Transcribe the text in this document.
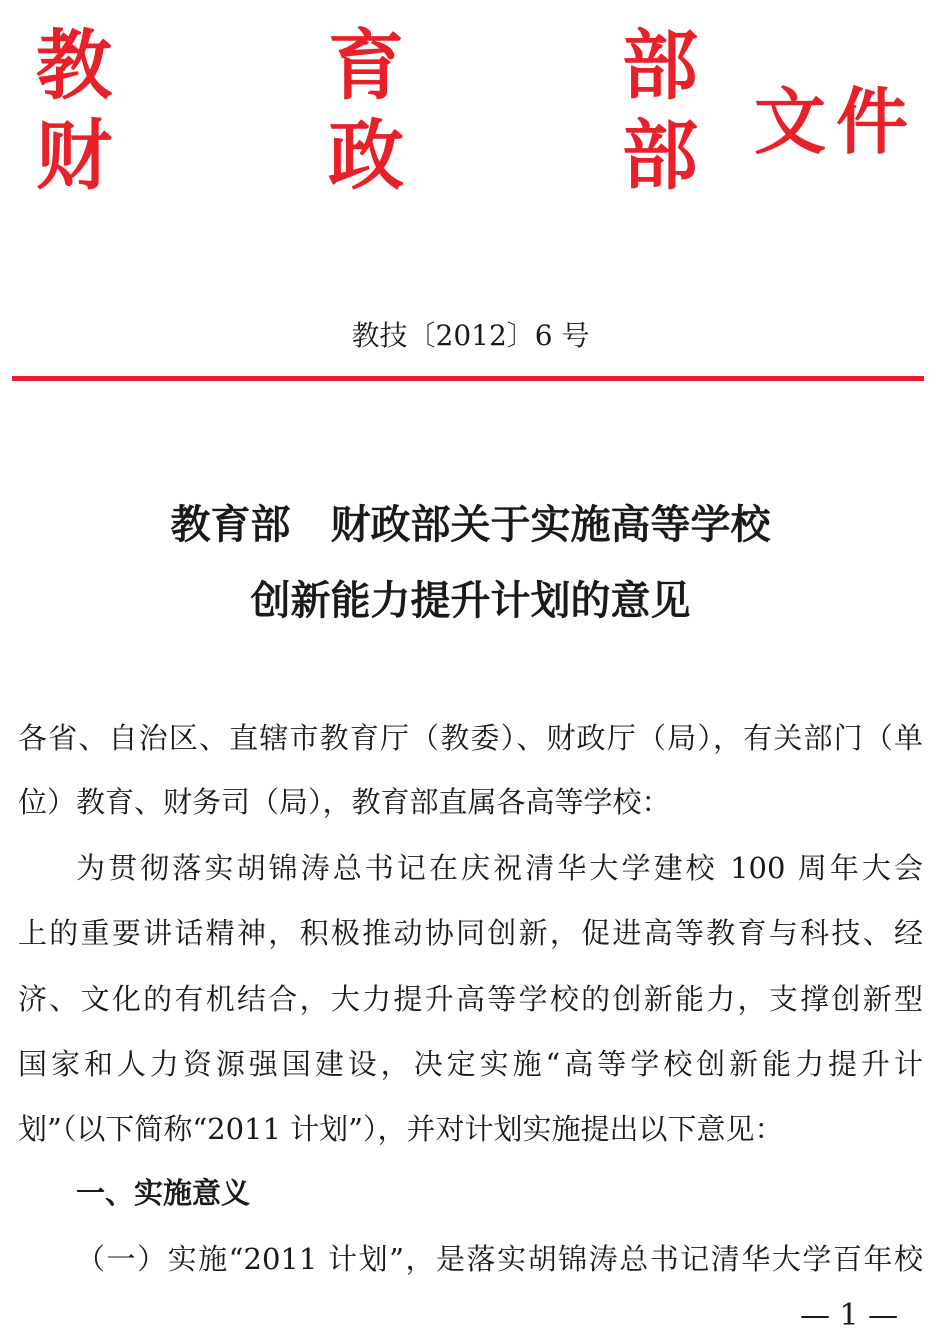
教	育	部
财	政	部 文件
教技〔2012〕6 号
教育部　财政部关于实施高等学校
创新能力提升计划的意见
各省、自治区、直辖市教育厅（教委）、财政厅（局），有关部门（单
位）教育、财务司（局），教育部直属各高等学校：
为贯彻落实胡锦涛总书记在庆祝清华大学建校 100 周年大会
上的重要讲话精神，积极推动协同创新，促进高等教育与科技、经
济、文化的有机结合，大力提升高等学校的创新能力，支撑创新型
国家和人力资源强国建设，决定实施“高等学校创新能力提升计
划”（以下简称“2011 计划”），并对计划实施提出以下意见：
一、实施意义
（一）实施“2011 计划”，是落实胡锦涛总书记清华大学百年校
— 1 —
